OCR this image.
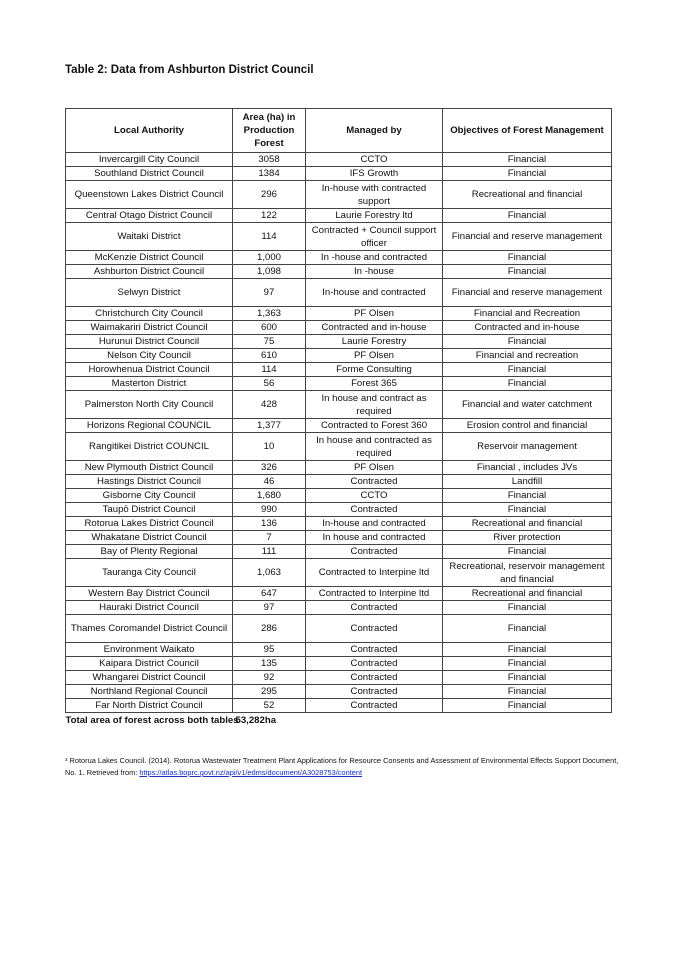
Table 2: Data from Ashburton District Council
Local Authority	Area (ha) in Production Forest	Managed by	Objectives of Forest Management
Invercargill City Council	3058	CCTO	Financial
Southland District Council	1384	IFS Growth	Financial
Queenstown Lakes District Council	296	In-house with contracted support	Recreational and financial
Central Otago District Council	122	Laurie Forestry ltd	Financial
Waitaki District	114	Contracted + Council support officer	Financial and reserve management
McKenzie District Council	1,000	In -house and contracted	Financial
Ashburton District Council	1,098	In -house	Financial
Selwyn District	97	In-house and contracted	Financial and reserve management
Christchurch City Council	1,363	PF Olsen	Financial and Recreation
Waimakariri District Council	600	Contracted and in-house	Contracted and in-house
Hurunui District Council	75	Laurie Forestry	Financial
Nelson City Council	610	PF Olsen	Financial and recreation
Horowhenua District Council	114	Forme Consulting	Financial
Masterton District	56	Forest 365	Financial
Palmerston North City Council	428	In house and contract as required	Financial and water catchment
Horizons Regional COUNCIL	1,377	Contracted to Forest 360	Erosion control and financial
Rangitikei District COUNCIL	10	In house and contracted as required	Reservoir management
New Plymouth District Council	326	PF Olsen	Financial , includes JVs
Hastings District Council	46	Contracted	Landfill
Gisborne City Council	1,680	CCTO	Financial
Taupō District Council	990	Contracted	Financial
Rotorua Lakes District Council	136	In-house and contracted	Recreational and financial
Whakatane District Council	7	In house and contracted	River protection
Bay of Plenty Regional	111	Contracted	Financial
Tauranga City Council	1,063	Contracted to Interpine ltd	Recreational, reservoir management and financial
Western Bay District Council	647	Contracted to Interpine ltd	Recreational and financial
Hauraki District Council	97	Contracted	Financial
Thames Coromandel District Council	286	Contracted	Financial
Environment Waikato	95	Contracted	Financial
Kaipara District Council	135	Contracted	Financial
Whangarei District Council	92	Contracted	Financial
Northland Regional Council	295	Contracted	Financial
Far North District Council	52	Contracted	Financial
Total area of forest across both tables	53,282ha		
³ Rotorua Lakes Council. (2014). Rotorua Wastewater Treatment Plant Applications for Resource Consents and Assessment of Environmental Effects Support Document, No. 1. Retrieved from: https://atlas.boprc.govt.nz/api/v1/edms/document/A3028753/content
